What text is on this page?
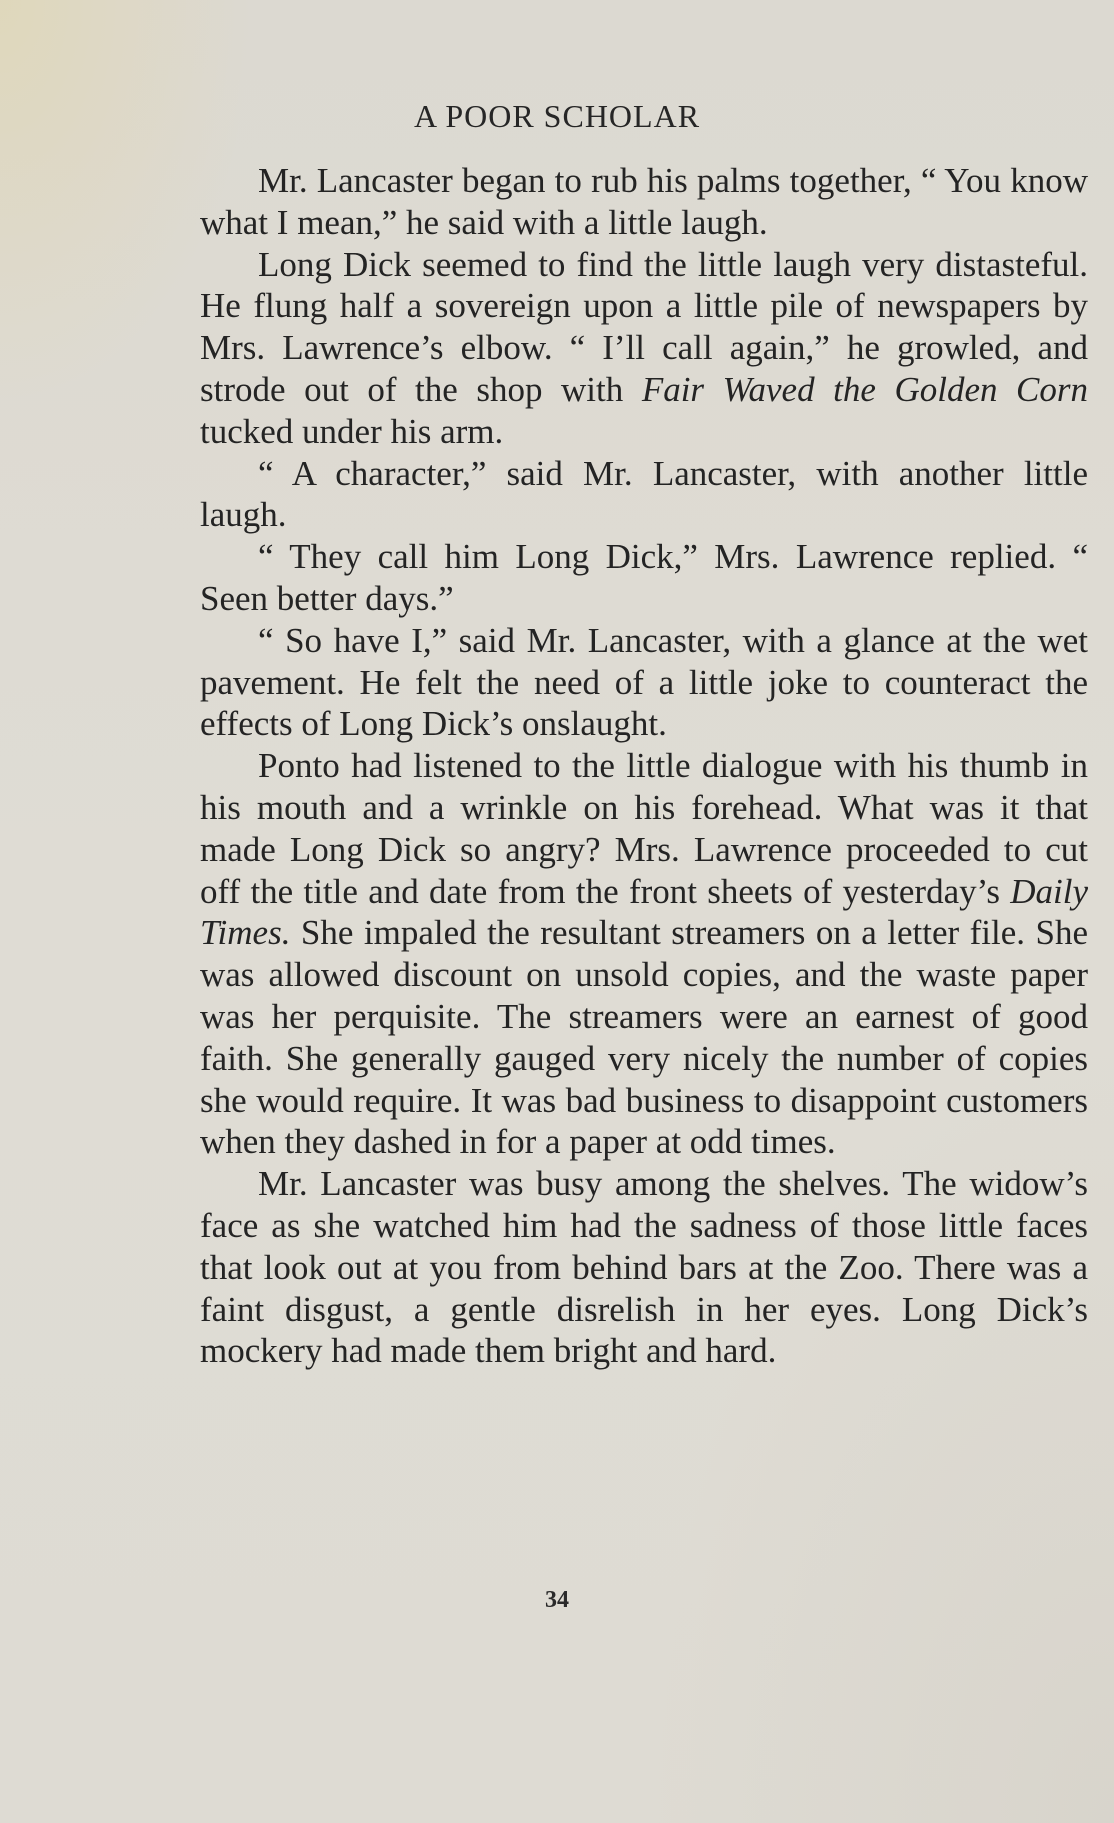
A POOR SCHOLAR

Mr. Lancaster began to rub his palms together, “ You know what I mean,” he said with a little laugh.

Long Dick seemed to find the little laugh very distasteful. He flung half a sovereign upon a little pile of newspapers by Mrs. Lawrence’s elbow. “ I’ll call again,” he growled, and strode out of the shop with Fair Waved the Golden Corn tucked under his arm.

“ A character,” said Mr. Lancaster, with another little laugh.

“ They call him Long Dick,” Mrs. Lawrence replied. “ Seen better days.”

“ So have I,” said Mr. Lancaster, with a glance at the wet pavement. He felt the need of a little joke to counteract the effects of Long Dick’s onslaught.

Ponto had listened to the little dialogue with his thumb in his mouth and a wrinkle on his forehead. What was it that made Long Dick so angry? Mrs. Lawrence proceeded to cut off the title and date from the front sheets of yesterday’s Daily Times. She impaled the resultant streamers on a letter file. She was allowed discount on unsold copies, and the waste paper was her perquisite. The streamers were an earnest of good faith. She generally gauged very nicely the number of copies she would require. It was bad business to disappoint customers when they dashed in for a paper at odd times.

Mr. Lancaster was busy among the shelves. The widow’s face as she watched him had the sadness of those little faces that look out at you from behind bars at the Zoo. There was a faint disgust, a gentle disrelish in her eyes. Long Dick’s mockery had made them bright and hard.

34
